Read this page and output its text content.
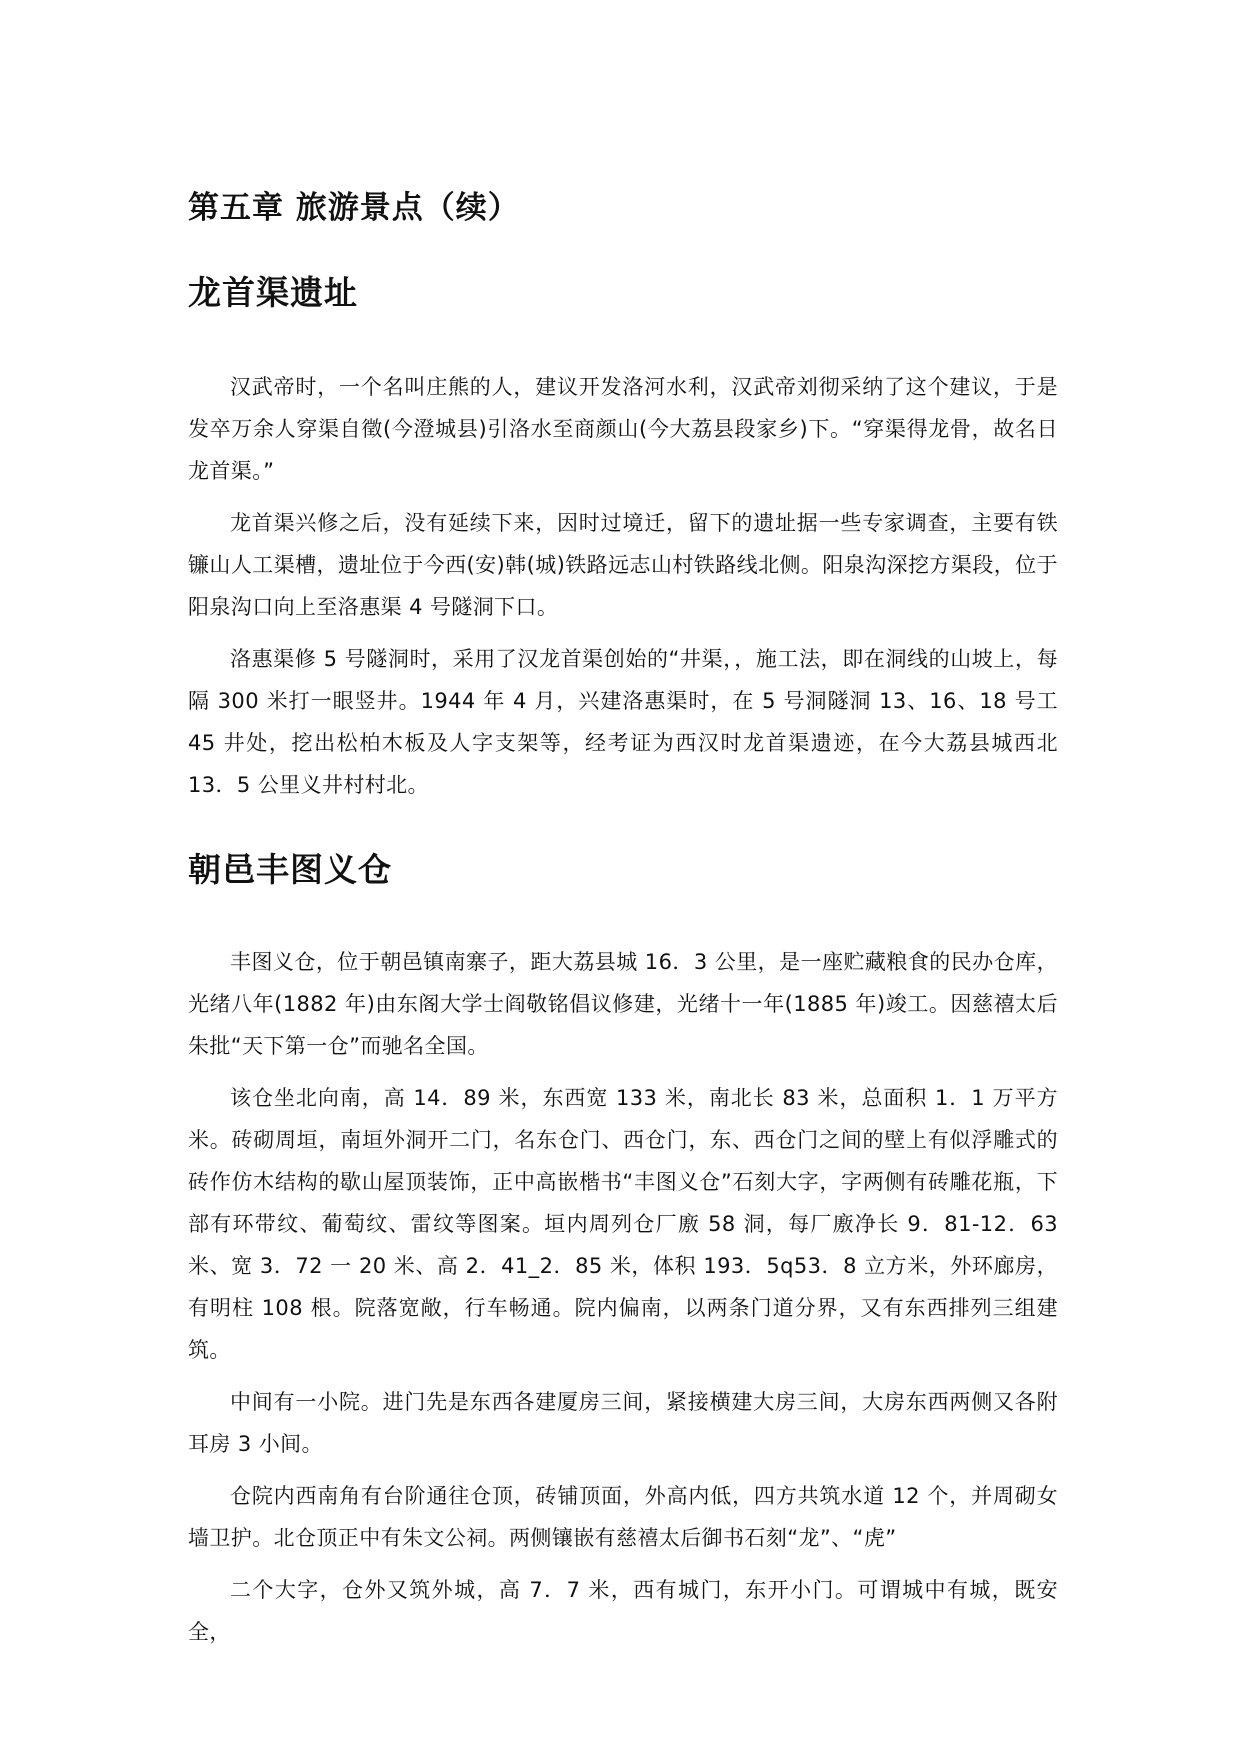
第五章 旅游景点（续）
龙首渠遗址

汉武帝时，一个名叫庄熊的人，建议开发洛河水利，汉武帝刘彻采纳了这个建议，于是发卒万余人穿渠自徵(今澄城县)引洛水至商颜山(今大荔县段家乡)下。“穿渠得龙骨，故名日龙首渠。”

龙首渠兴修之后，没有延续下来，因时过境迁，留下的遗址据一些专家调查，主要有铁镰山人工渠槽，遗址位于今西(安)韩(城)铁路远志山村铁路线北侧。阳泉沟深挖方渠段，位于阳泉沟口向上至洛惠渠 4 号隧洞下口。

洛惠渠修 5 号隧洞时，采用了汉龙首渠创始的“井渠，，施工法，即在洞线的山坡上，每隔 300 米打一眼竖井。1944 年 4 月，兴建洛惠渠时，在 5 号洞隧洞 13、16、18 号工 45 井处，挖出松柏木板及人字支架等，经考证为西汉时龙首渠遗迹，在今大荔县城西北 13．5 公里义井村村北。

朝邑丰图义仓

丰图义仓，位于朝邑镇南寨子，距大荔县城 16．3 公里，是一座贮藏粮食的民办仓库，光绪八年(1882 年)由东阁大学士阎敬铭倡议修建，光绪十一年(1885 年)竣工。因慈禧太后朱批“天下第一仓”而驰名全国。

该仓坐北向南，高 14．89 米，东西宽 133 米，南北长 83 米，总面积 1．1 万平方米。砖砌周垣，南垣外洞开二门，名东仓门、西仓门，东、西仓门之间的壁上有似浮雕式的砖作仿木结构的歇山屋顶装饰，正中高嵌楷书“丰图义仓”石刻大字，字两侧有砖雕花瓶，下部有环带纹、葡萄纹、雷纹等图案。垣内周列仓厂廒 58 洞，每厂廒净长 9．81-12．63 米、宽 3．72 一 20 米、高 2．41_2．85 米，体积 193．5q53．8 立方米，外环廊房，有明柱 108 根。院落宽敞，行车畅通。院内偏南，以两条门道分界，又有东西排列三组建筑。

中间有一小院。进门先是东西各建厦房三间，紧接横建大房三间，大房东西两侧又各附耳房 3 小间。

仓院内西南角有台阶通往仓顶，砖铺顶面，外高内低，四方共筑水道 12 个，并周砌女墙卫护。北仓顶正中有朱文公祠。两侧镶嵌有慈禧太后御书石刻“龙”、“虎”

二个大字，仓外又筑外城，高 7．7 米，西有城门，东开小门。可谓城中有城，既安全，
